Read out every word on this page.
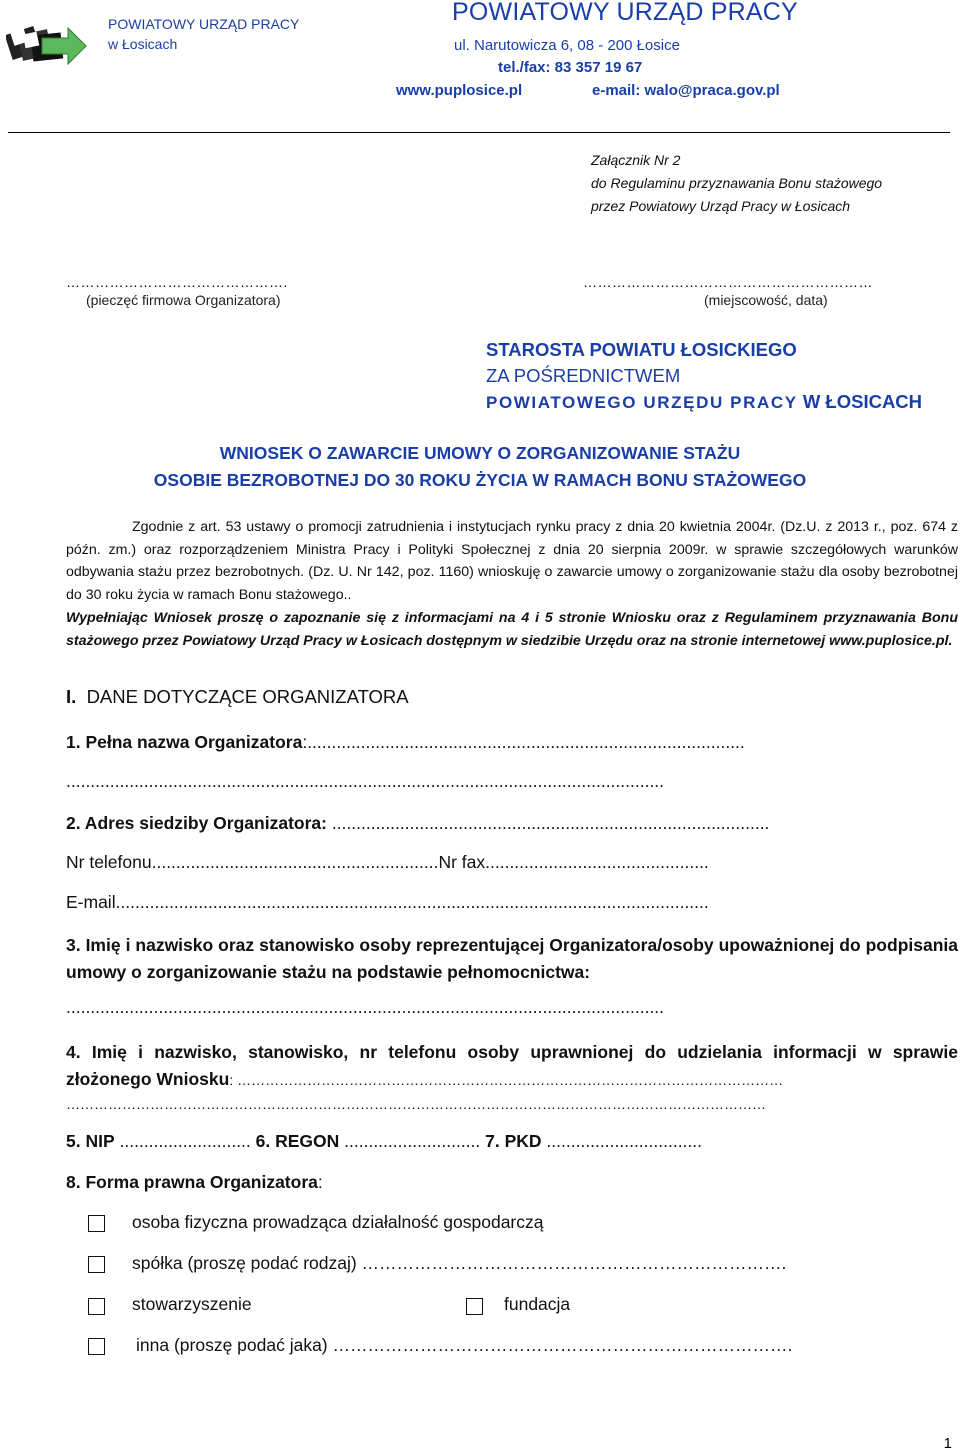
POWIATOWY URZĄD PRACY
w Łosicach
POWIATOWY URZĄD PRACY
ul. Narutowicza 6, 08 - 200 Łosice
tel./fax: 83 357 19 67
www.puplosice.pl	e-mail: walo@praca.gov.pl
Załącznik Nr 2
do Regulaminu przyznawania Bonu stażowego
przez Powiatowy Urząd Pracy w Łosicach
……………………………………….
(pieczęć firmowa Organizatora)
……………………………………………………
(miejscowość, data)
STAROSTA POWIATU ŁOSICKIEGO
ZA POŚREDNICTWEM
POWIATOWEGO URZĘDU PRACY W ŁOSICACH
WNIOSEK O ZAWARCIE UMOWY O ZORGANIZOWANIE STAŻU
OSOBIE BEZROBOTNEJ DO 30 ROKU ŻYCIA W RAMACH BONU STAŻOWEGO
Zgodnie z art. 53 ustawy o promocji zatrudnienia i instytucjach rynku pracy z dnia 20 kwietnia 2004r. (Dz.U. z 2013 r., poz. 674 z późn. zm.) oraz rozporządzeniem Ministra Pracy i Polityki Społecznej z dnia 20 sierpnia 2009r. w sprawie szczegółowych warunków odbywania stażu przez bezrobotnych. (Dz. U. Nr 142, poz. 1160) wnioskuję o zawarcie umowy o zorganizowanie stażu dla osoby bezrobotnej do 30 roku życia w ramach Bonu stażowego..
Wypełniając Wniosek proszę o zapoznanie się z informacjami na 4 i 5 stronie Wniosku oraz z Regulaminem przyznawania Bonu stażowego przez Powiatowy Urząd Pracy w Łosicach dostępnym w siedzibie Urzędu oraz na stronie internetowej www.puplosice.pl.
I. DANE DOTYCZĄCE ORGANIZATORA
1. Pełna nazwa Organizatora:..........................................................................................
...........................................................................................................................
2. Adres siedziby Organizatora: ..........................................................................................
Nr telefonu...........................................................Nr fax..............................................
E-mail..........................................................................................................................
3. Imię i nazwisko oraz stanowisko osoby reprezentującej Organizatora/osoby upoważnionej do podpisania umowy o zorganizowanie stażu na podstawie pełnomocnictwa:
...........................................................................................................................
4. Imię i nazwisko, stanowisko, nr telefonu osoby uprawnionej do udzielania informacji w sprawie złożonego Wniosku: ………………………………………………………………………………………………………
……………………………………………………………………………………………………………………………………
5. NIP ........................... 6. REGON ............................ 7. PKD ................................
8. Forma prawna Organizatora:
osoba fizyczna prowadząca działalność gospodarczą
spółka (proszę podać rodzaj) ……………………………………………………………….
stowarzyszenie	fundacja
inna (proszę podać jaka) …………………………………………………………………….
1
